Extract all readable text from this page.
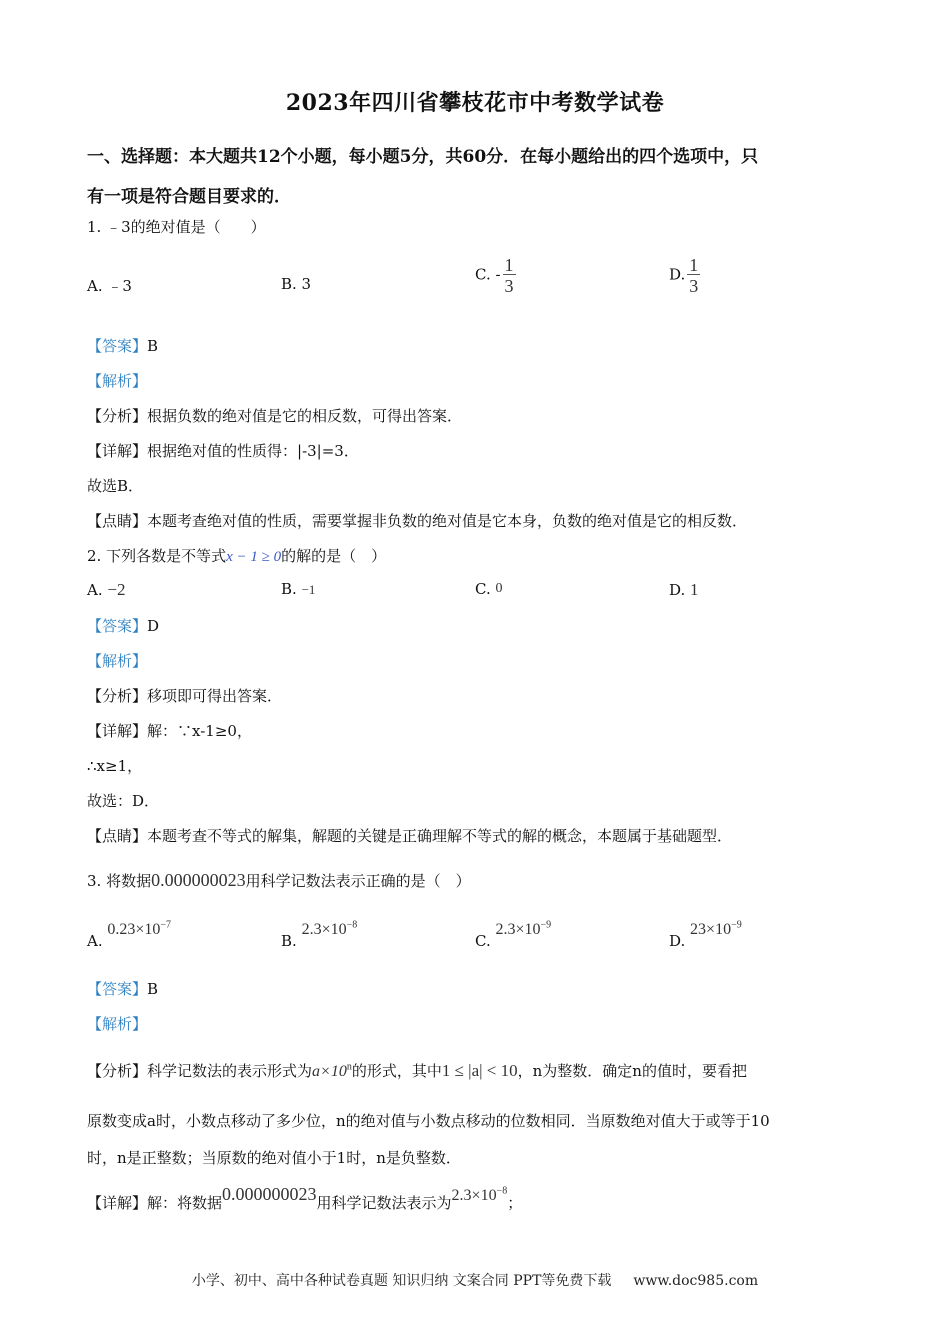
2023年四川省攀枝花市中考数学试卷
一、选择题：本大题共12个小题，每小题5分，共60分．在每小题给出的四个选项中，只
有一项是符合题目要求的．
1. ﹣3的绝对值是（　　）
A. ﹣3	B. 3
C. - $\frac{1}{3}$	D. $\frac{1}{3}$
【答案】B
【解析】
【分析】根据负数的绝对值是它的相反数，可得出答案．
【详解】根据绝对值的性质得：|-3|=3．
故选B．
【点睛】本题考查绝对值的性质，需要掌握非负数的绝对值是它本身，负数的绝对值是它的相反数．
2. 下列各数是不等式x − 1 ≥ 0的解的是（　）
A. −2	B. −1	C. 0	D. 1
【答案】D
【解析】
【分析】移项即可得出答案．
【详解】解：∵x-1≥0，
∴x≥1，
故选：D．
【点睛】本题考查不等式的解集，解题的关键是正确理解不等式的解的概念，本题属于基础题型．
3. 将数据0.000000023用科学记数法表示正确的是（　）
A. $0.23\times 10^{-7}$
B. $2.3\times 10^{-8}$
C. $2.3\times 10^{-9}$
D. $23\times 10^{-9}$
【答案】B
【解析】
【分析】科学记数法的表示形式为$a\times 10^n$的形式，其中1 ≤ |a| < 10，n为整数．确定n的值时，要看把
原数变成a时，小数点移动了多少位，n的绝对值与小数点移动的位数相同．当原数绝对值大于或等于10
时，n是正整数；当原数的绝对值小于1时，n是负整数．
【详解】解：将数据0.000000023用科学记数法表示为$2.3\times 10^{-8}$；
小学、初中、高中各种试卷真题 知识归纳 文案合同 PPT等免费下载 www.doc985.com
